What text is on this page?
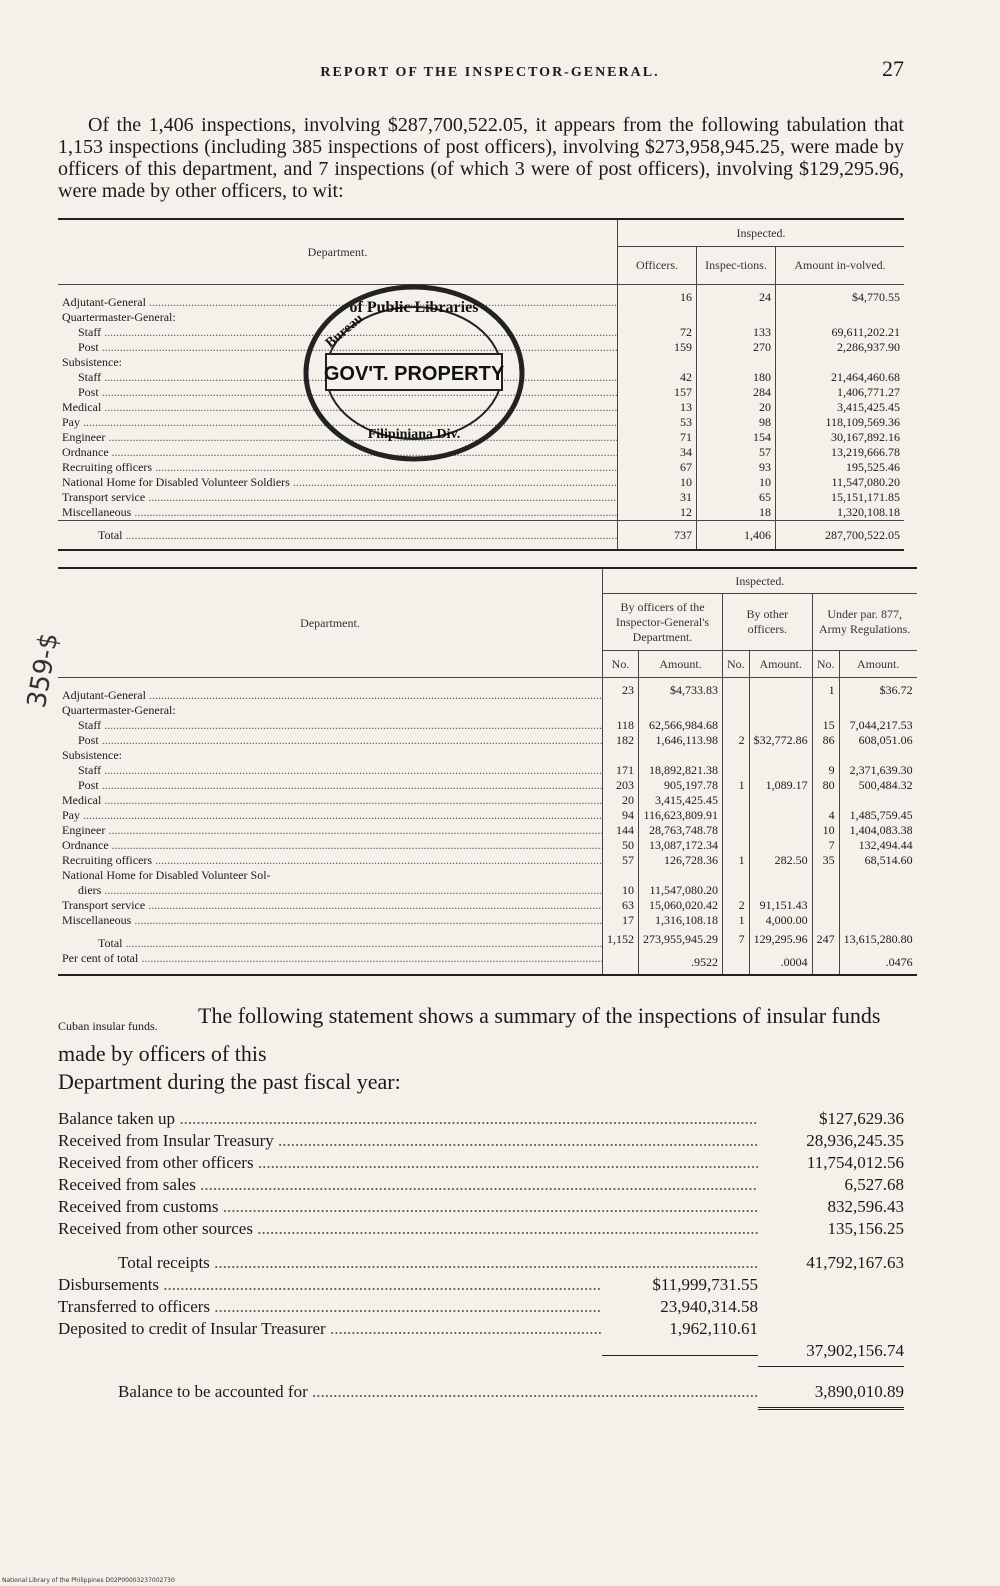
REPORT OF THE INSPECTOR-GENERAL.	27

Of the 1,406 inspections, involving $287,700,522.05, it appears from the following tabulation that 1,153 inspections (including 385 inspections of post officers), involving $273,958,945.25, were made by officers of this department, and 7 inspections (of which 3 were of post officers), involving $129,295.96, were made by other officers, to wit:

Department.	Inspected.		
	Officers.	Inspec-tions.	Amount in-volved.
Adjutant-General .....	16	24	$4,770.55
Quartermaster-General:			
Staff .....	72	133	69,611,202.21
Post .....	159	270	2,286,937.90
Subsistence:			
Staff .....	42	180	21,464,460.68
Post .....	157	284	1,406,771.27
Medical .....	13	20	3,415,425.45
Pay .....	53	98	118,109,569.36
Engineer .....	71	154	30,167,892.16
Ordnance .....	34	57	13,219,666.78
Recruiting officers .....	67	93	195,525.46
National Home for Disabled Volunteer Soldiers .....	10	10	11,547,080.20
Transport service .....	31	65	15,151,171.85
Miscellaneous .....	12	18	1,320,108.18
Total .....	737	1,406	287,700,522.05
Department.	Inspected.					
	By officers of the Inspector-General's Department.		By other officers.		Under par. 877, Army Regulations.	
	No.	Amount.	No.	Amount.	No.	Amount.
Adjutant-General .....	23	$4,733.83			1	$36.72
Quartermaster-General:						
Staff .....	118	62,566,984.68			15	7,044,217.53
Post .....	182	1,646,113.98	2	$32,772.86	86	608,051.06
Subsistence:						
Staff .....	171	18,892,821.38			9	2,371,639.30
Post .....	203	905,197.78	1	1,089.17	80	500,484.32
Medical .....	20	3,415,425.45				
Pay .....	94	116,623,809.91			4	1,485,759.45
Engineer .....	144	28,763,748.78			10	1,404,083.38
Ordnance .....	50	13,087,172.34			7	132,494.44
Recruiting officers .....	57	126,728.36	1	282.50	35	68,514.60
National Home for Disabled Volunteer Sol-						
diers .....	10	11,547,080.20				
Transport service .....	63	15,060,020.42	2	91,151.43		
Miscellaneous .....	17	1,316,108.18	1	4,000.00		
Total .....	1,152	273,955,945.29	7	129,295.96	247	13,615,280.80
Per cent of total .....		.9522		.0004		.0476
Cuban insular funds. The following statement shows a summary of the inspections of insular funds made by officers of this
Department during the past fiscal year:
Balance taken up .....	$127,629.36
Received from Insular Treasury .....	28,936,245.35
Received from other officers .....	11,754,012.56
Received from sales .....	6,527.68
Received from customs .....	832,596.43
Received from other sources .....	135,156.25
Total receipts .....	41,792,167.63
Disbursements .....	$11,999,731.55
Transferred to officers .....	23,940,314.58
Deposited to credit of Insular Treasurer .....	1,962,110.61
37,902,156.74
Balance to be accounted for .....	3,890,010.89
GOV'T. PROPERTY
of Public Libraries
Bureau
Filipiniana Div.
359-$
National Library of the Philippines D02P00003237002730
